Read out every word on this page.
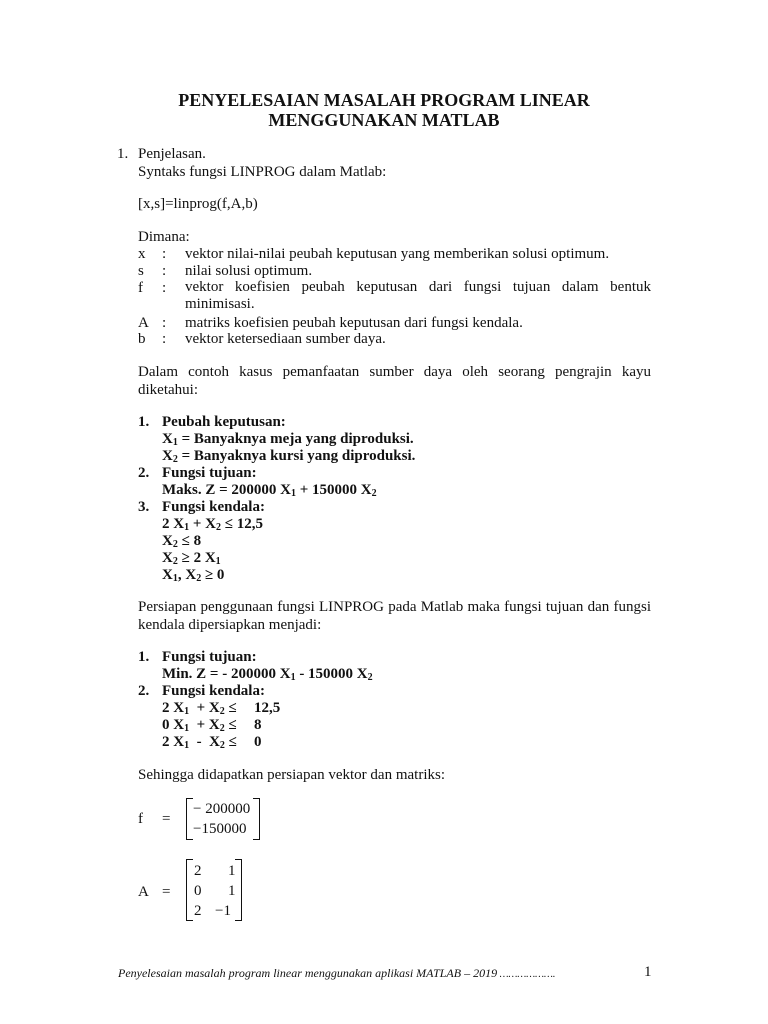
PENYELESAIAN MASALAH PROGRAM LINEAR
MENGGUNAKAN MATLAB
1. Penjelasan.
Syntaks fungsi LINPROG dalam Matlab:
[x,s]=linprog(f,A,b)
Dimana:
x : vektor nilai-nilai peubah keputusan yang memberikan solusi optimum.
s : nilai solusi optimum.
f : vektor koefisien peubah keputusan dari fungsi tujuan dalam bentuk minimisasi.
A : matriks koefisien peubah keputusan dari fungsi kendala.
b : vektor ketersediaan sumber daya.
Dalam contoh kasus pemanfaatan sumber daya oleh seorang pengrajin kayu diketahui:
1. Peubah keputusan:
$X_1$ = Banyaknya meja yang diproduksi.
$X_2$ = Banyaknya kursi yang diproduksi.
2. Fungsi tujuan:
Maks. Z = 200000 $X_1 + 150000$ $X_2$
3. Fungsi kendala:
2 $X_1 + X_2 \le 12,5$
$X_2 \le 8$
$X_2 \ge 2$ $X_1$
$X_1$, $X_2 \ge 0$
Persiapan penggunaan fungsi LINPROG pada Matlab maka fungsi tujuan dan fungsi kendala dipersiapkan menjadi:
1. Fungsi tujuan:
Min. Z = - 200000 $X_1 - 150000$ $X_2$
2. Fungsi kendala:
2 $X_1 + X_2 \le 12,5$
0 $X_1 + X_2 \le 8$
2 $X_1 - X_2 \le 0$
Sehingga didapatkan persiapan vektor dan matriks:
f =
− 200000
−150000
A =
2 1
0 1
2 −1
Penyelesaian masalah program linear menggunakan aplikasi MATLAB – 2019 ……………….	1
